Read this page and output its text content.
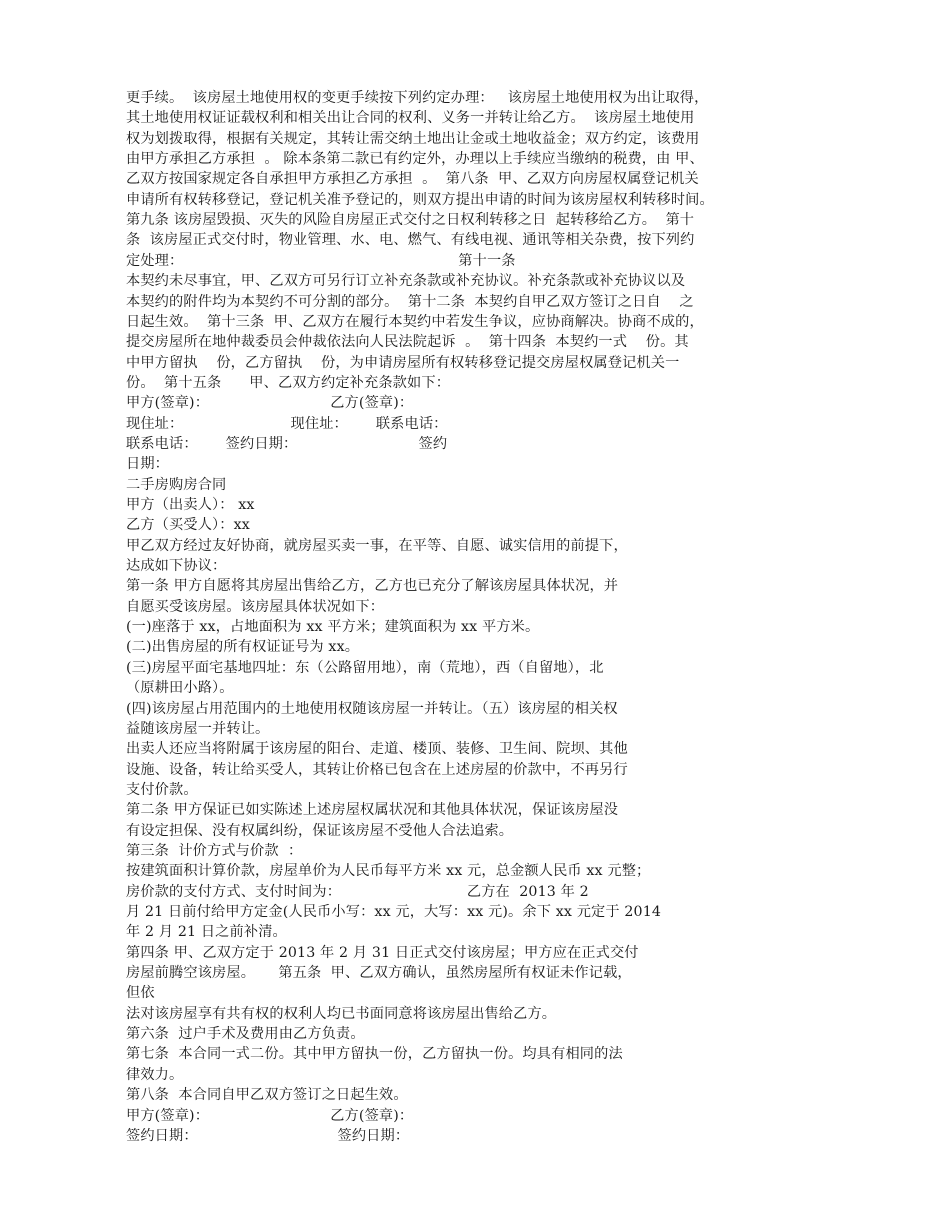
更手续。  该房屋土地使用权的变更手续按下列约定办理：   该房屋土地使用权为出让取得，
其土地使用权证证载权利和相关出让合同的权利、义务一并转让给乙方。  该房屋土地使用
权为划拨取得，根据有关规定，其转让需交纳土地出让金或土地收益金；双方约定，该费用
由甲方承担乙方承担  。 除本条第二款已有约定外，办理以上手续应当缴纳的税费，由 甲、
乙双方按国家规定各自承担甲方承担乙方承担  。  第八条  甲、乙双方向房屋权属登记机关
申请所有权转移登记，登记机关准予登记的，则双方提出申请的时间为该房屋权利转移时间。
第九条 该房屋毁损、灭失的风险自房屋正式交付之日权利转移之日  起转移给乙方。  第十
条  该房屋正式交付时，物业管理、水、电、燃气、有线电视、通讯等相关杂费，按下列约
定处理：                                                           第十一条
本契约未尽事宜，甲、乙双方可另行订立补充条款或补充协议。补充条款或补充协议以及
本契约的附件均为本契约不可分割的部分。  第十二条  本契约自甲乙双方签订之日自    之
日起生效。  第十三条  甲、乙双方在履行本契约中若发生争议，应协商解决。协商不成的，
提交房屋所在地仲裁委员会仲裁依法向人民法院起诉  。  第十四条  本契约一式    份。其
中甲方留执    份，乙方留执    份，为申请房屋所有权转移登记提交房屋权属登记机关一
份。  第十五条      甲、乙双方约定补充条款如下：
甲方(签章)：                          乙方(签章)：
现住址：                       现住址：      联系电话：
联系电话：      签约日期：                          签约
日期：
二手房购房合同
甲方（出卖人）： xx
乙方（买受人）：xx
甲乙双方经过友好协商，就房屋买卖一事，在平等、自愿、诚实信用的前提下，
达成如下协议：
第一条 甲方自愿将其房屋出售给乙方，乙方也已充分了解该房屋具体状况，并
自愿买受该房屋。该房屋具体状况如下：
(一)座落于 xx，占地面积为 xx 平方米；建筑面积为 xx 平方米。
(二)出售房屋的所有权证证号为 xx。
(三)房屋平面宅基地四址：东（公路留用地），南（荒地），西（自留地），北
（原耕田小路）。
(四)该房屋占用范围内的土地使用权随该房屋一并转让。（五）该房屋的相关权
益随该房屋一并转让。
出卖人还应当将附属于该房屋的阳台、走道、楼顶、装修、卫生间、院坝、其他
设施、设备，转让给买受人，其转让价格已包含在上述房屋的价款中，不再另行
支付价款。
第二条 甲方保证已如实陈述上述房屋权属状况和其他具体状况，保证该房屋没
有设定担保、没有权属纠纷，保证该房屋不受他人合法追索。
第三条  计价方式与价款  ：
按建筑面积计算价款，房屋单价为人民币每平方米 xx 元，总金额人民币 xx 元整；
房价款的支付方式、支付时间为：                           乙方在  2013 年 2
月 21 日前付给甲方定金(人民币小写：xx 元，大写：xx 元)。余下 xx 元定于 2014
年 2 月 21 日之前补清。
第四条 甲、乙双方定于 2013 年 2 月 31 日正式交付该房屋；甲方应在正式交付
房屋前腾空该房屋。     第五条  甲、乙双方确认，虽然房屋所有权证未作记载，
但依
法对该房屋享有共有权的权利人均已书面同意将该房屋出售给乙方。
第六条  过户手术及费用由乙方负责。
第七条  本合同一式二份。其中甲方留执一份，乙方留执一份。均具有相同的法
律效力。
第八条  本合同自甲乙双方签订之日起生效。
甲方(签章)：                          乙方(签章)：
签约日期：                              签约日期：
